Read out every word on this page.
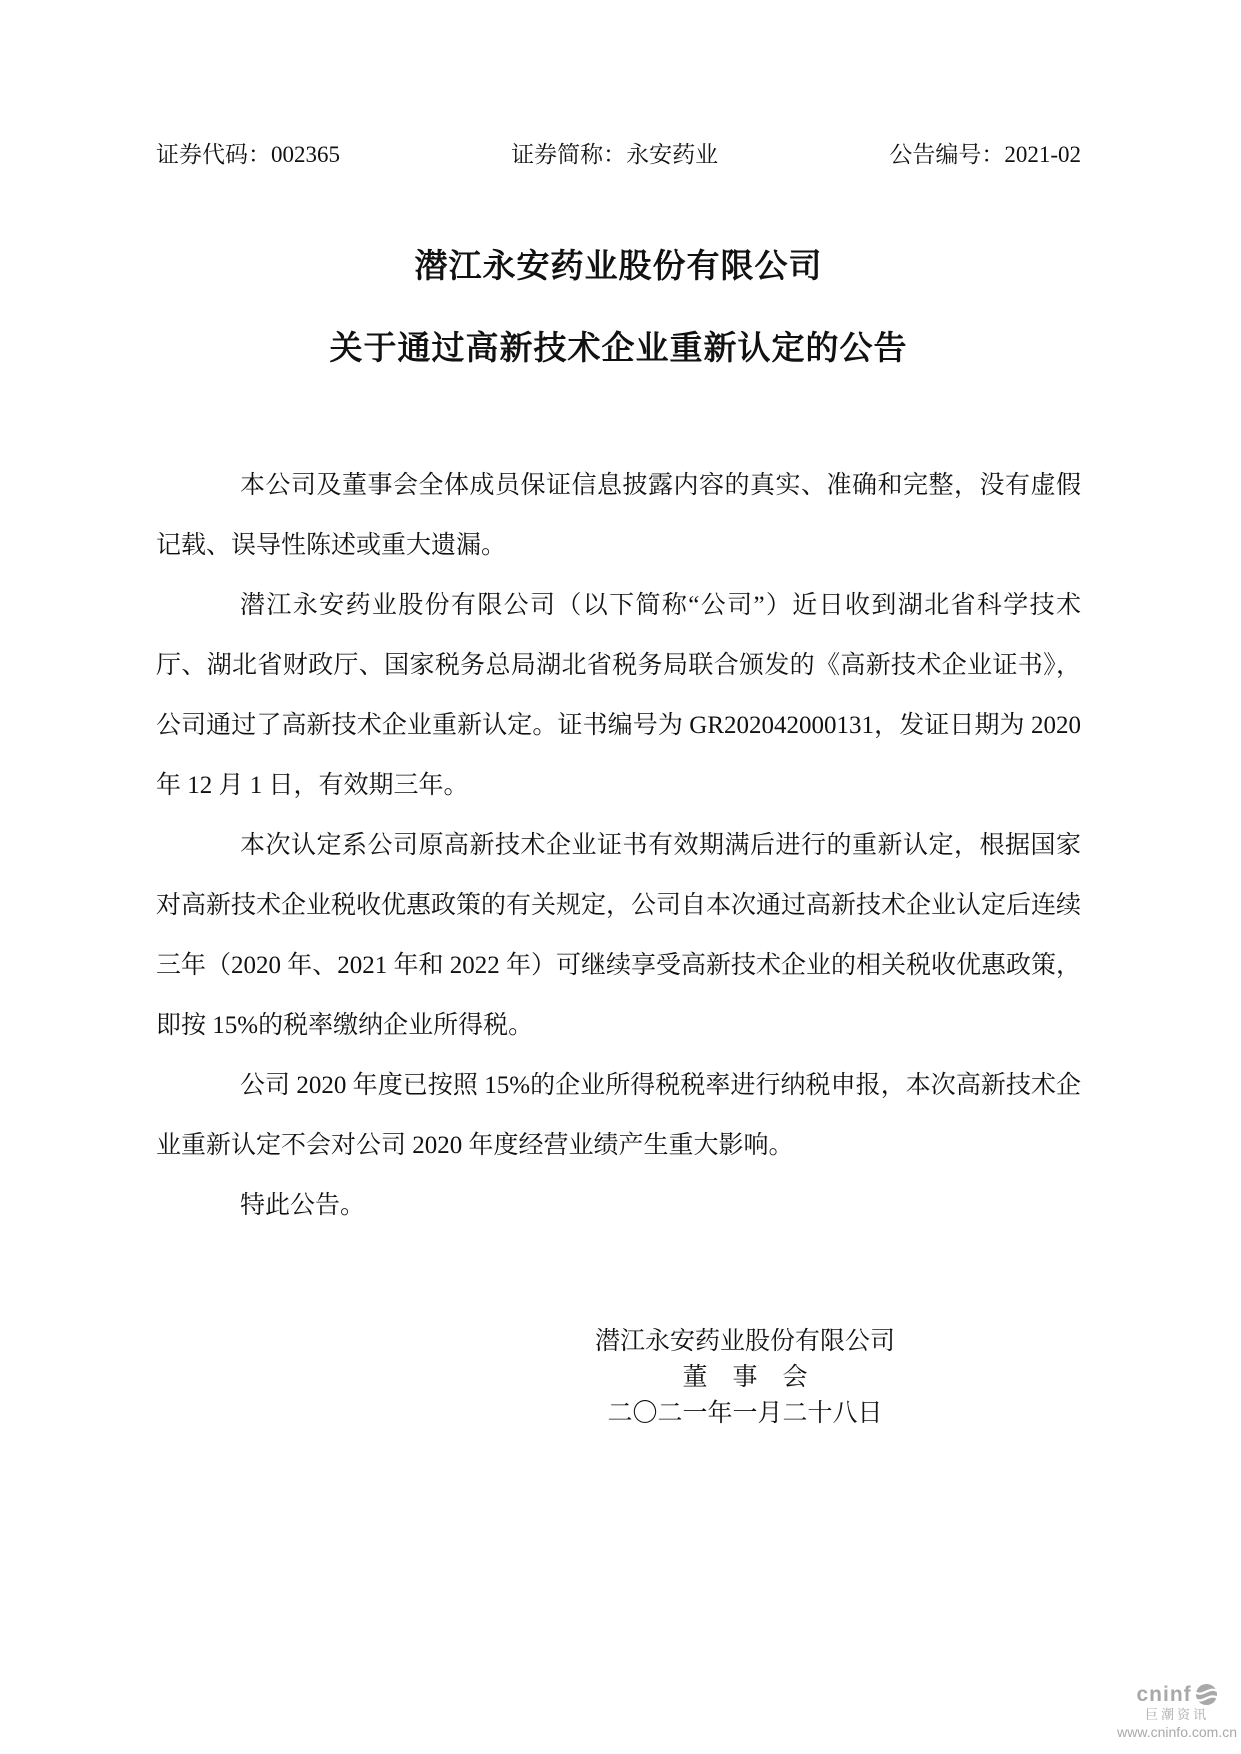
证券代码：002365	证券简称：永安药业	公告编号：2021-02
潜江永安药业股份有限公司
关于通过高新技术企业重新认定的公告

本公司及董事会全体成员保证信息披露内容的真实、准确和完整，没有虚假记载、误导性陈述或重大遗漏。

潜江永安药业股份有限公司（以下简称“公司”）近日收到湖北省科学技术厅、湖北省财政厅、国家税务总局湖北省税务局联合颁发的《高新技术企业证书》，公司通过了高新技术企业重新认定。证书编号为 GR202042000131，发证日期为 2020 年 12 月 1 日，有效期三年。

本次认定系公司原高新技术企业证书有效期满后进行的重新认定，根据国家对高新技术企业税收优惠政策的有关规定，公司自本次通过高新技术企业认定后连续三年（2020 年、2021 年和 2022 年）可继续享受高新技术企业的相关税收优惠政策，即按 15%的税率缴纳企业所得税。

公司 2020 年度已按照 15%的企业所得税税率进行纳税申报，本次高新技术企业重新认定不会对公司 2020 年度经营业绩产生重大影响。

特此公告。

潜江永安药业股份有限公司
董　事　会
二〇二一年一月二十八日
cninf
巨潮资讯
www.cninfo.com.cn
